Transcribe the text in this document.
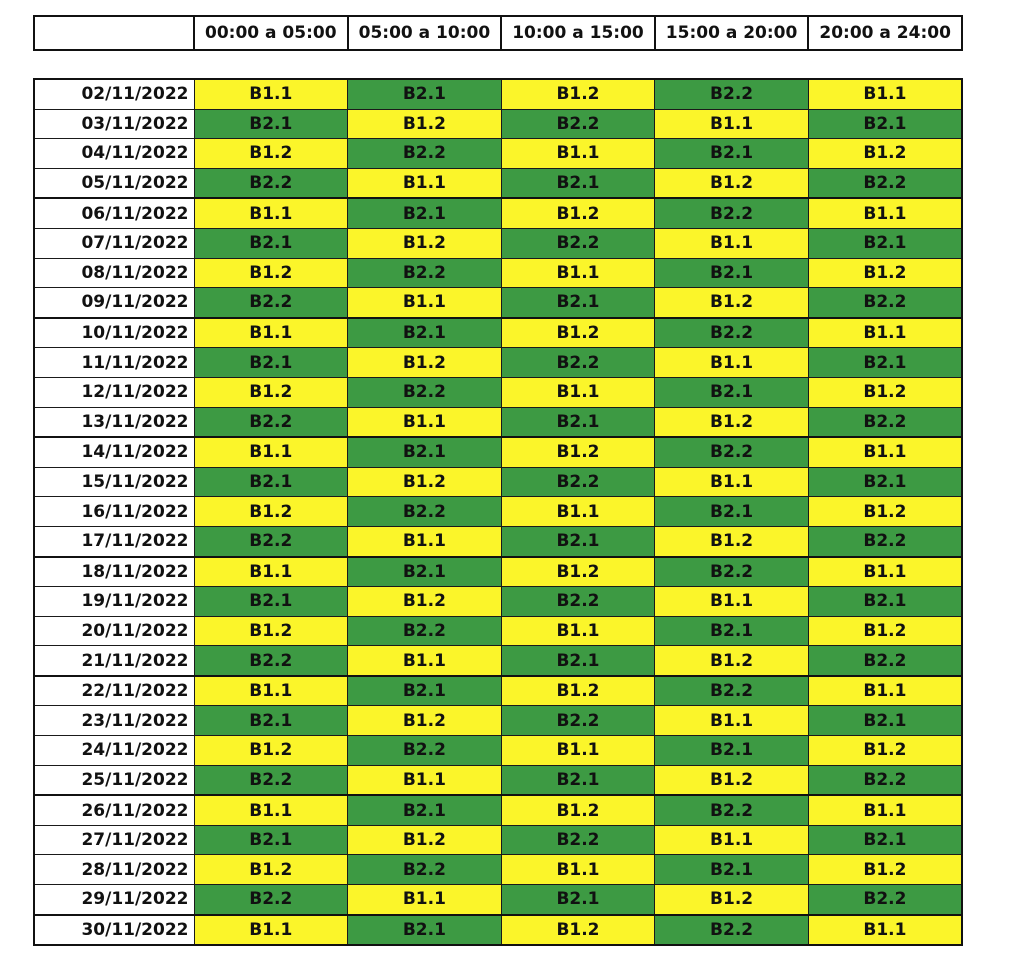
	00:00 a 05:00	05:00 a 10:00	10:00 a 15:00	15:00 a 20:00	20:00 a 24:00
02/11/2022	B1.1	B2.1	B1.2	B2.2	B1.1
03/11/2022	B2.1	B1.2	B2.2	B1.1	B2.1
04/11/2022	B1.2	B2.2	B1.1	B2.1	B1.2
05/11/2022	B2.2	B1.1	B2.1	B1.2	B2.2
06/11/2022	B1.1	B2.1	B1.2	B2.2	B1.1
07/11/2022	B2.1	B1.2	B2.2	B1.1	B2.1
08/11/2022	B1.2	B2.2	B1.1	B2.1	B1.2
09/11/2022	B2.2	B1.1	B2.1	B1.2	B2.2
10/11/2022	B1.1	B2.1	B1.2	B2.2	B1.1
11/11/2022	B2.1	B1.2	B2.2	B1.1	B2.1
12/11/2022	B1.2	B2.2	B1.1	B2.1	B1.2
13/11/2022	B2.2	B1.1	B2.1	B1.2	B2.2
14/11/2022	B1.1	B2.1	B1.2	B2.2	B1.1
15/11/2022	B2.1	B1.2	B2.2	B1.1	B2.1
16/11/2022	B1.2	B2.2	B1.1	B2.1	B1.2
17/11/2022	B2.2	B1.1	B2.1	B1.2	B2.2
18/11/2022	B1.1	B2.1	B1.2	B2.2	B1.1
19/11/2022	B2.1	B1.2	B2.2	B1.1	B2.1
20/11/2022	B1.2	B2.2	B1.1	B2.1	B1.2
21/11/2022	B2.2	B1.1	B2.1	B1.2	B2.2
22/11/2022	B1.1	B2.1	B1.2	B2.2	B1.1
23/11/2022	B2.1	B1.2	B2.2	B1.1	B2.1
24/11/2022	B1.2	B2.2	B1.1	B2.1	B1.2
25/11/2022	B2.2	B1.1	B2.1	B1.2	B2.2
26/11/2022	B1.1	B2.1	B1.2	B2.2	B1.1
27/11/2022	B2.1	B1.2	B2.2	B1.1	B2.1
28/11/2022	B1.2	B2.2	B1.1	B2.1	B1.2
29/11/2022	B2.2	B1.1	B2.1	B1.2	B2.2
30/11/2022	B1.1	B2.1	B1.2	B2.2	B1.1
